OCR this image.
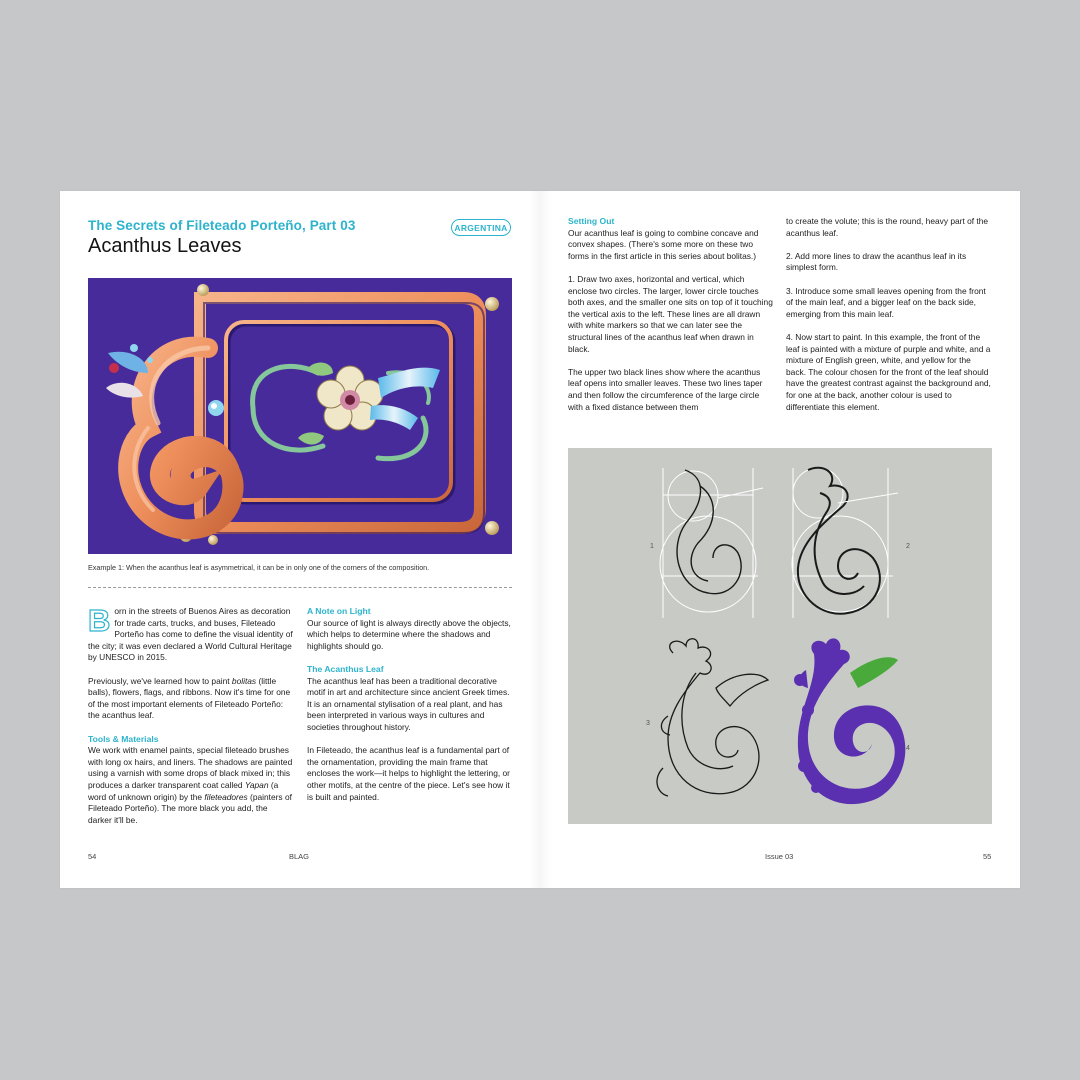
The Secrets of Fileteado Porteño, Part 03
Acanthus Leaves
ARGENTINA

Example 1: When the acanthus leaf is asymmetrical, it can be in only one of the corners of the composition.

Born in the streets of Buenos Aires as decoration for trade carts, trucks, and buses, Fileteado Porteño has come to define the visual identity of the city; it was even declared a World Cultural Heritage by UNESCO in 2015.

Previously, we've learned how to paint bolitas (little balls), flowers, flags, and ribbons. Now it's time for one of the most important elements of Fileteado Porteño: the acanthus leaf.

Tools & Materials

We work with enamel paints, special fileteado brushes with long ox hairs, and liners. The shadows are painted using a varnish with some drops of black mixed in; this produces a darker transparent coat called Yapan (a word of unknown origin) by the fileteadores (painters of Fileteado Porteño). The more black you add, the darker it'll be.

A Note on Light

Our source of light is always directly above the objects, which helps to determine where the shadows and highlights should go.

The Acanthus Leaf

The acanthus leaf has been a traditional decorative motif in art and architecture since ancient Greek times. It is an ornamental stylisation of a real plant, and has been interpreted in various ways in cultures and societies throughout history.

In Fileteado, the acanthus leaf is a fundamental part of the ornamentation, providing the main frame that encloses the work—it helps to highlight the lettering, or other motifs, at the centre of the piece. Let's see how it is built and painted.

54	BLAG

Setting Out

Our acanthus leaf is going to combine concave and convex shapes. (There's some more on these two forms in the first article in this series about bolitas.)

1. Draw two axes, horizontal and vertical, which enclose two circles. The larger, lower circle touches both axes, and the smaller one sits on top of it touching the vertical axis to the left. These lines are all drawn with white markers so that we can later see the structural lines of the acanthus leaf when drawn in black.

The upper two black lines show where the acanthus leaf opens into smaller leaves. These two lines taper and then follow the circumference of the large circle with a fixed distance between them

to create the volute; this is the round, heavy part of the acanthus leaf.

2. Add more lines to draw the acanthus leaf in its simplest form.

3. Introduce some small leaves opening from the front of the main leaf, and a bigger leaf on the back side, emerging from this main leaf.

4. Now start to paint. In this example, the front of the leaf is painted with a mixture of purple and white, and a mixture of English green, white, and yellow for the back. The colour chosen for the front of the leaf should have the greatest contrast against the background and, for one at the back, another colour is used to differentiate this element.

1	2
3
4

Issue 03	55
